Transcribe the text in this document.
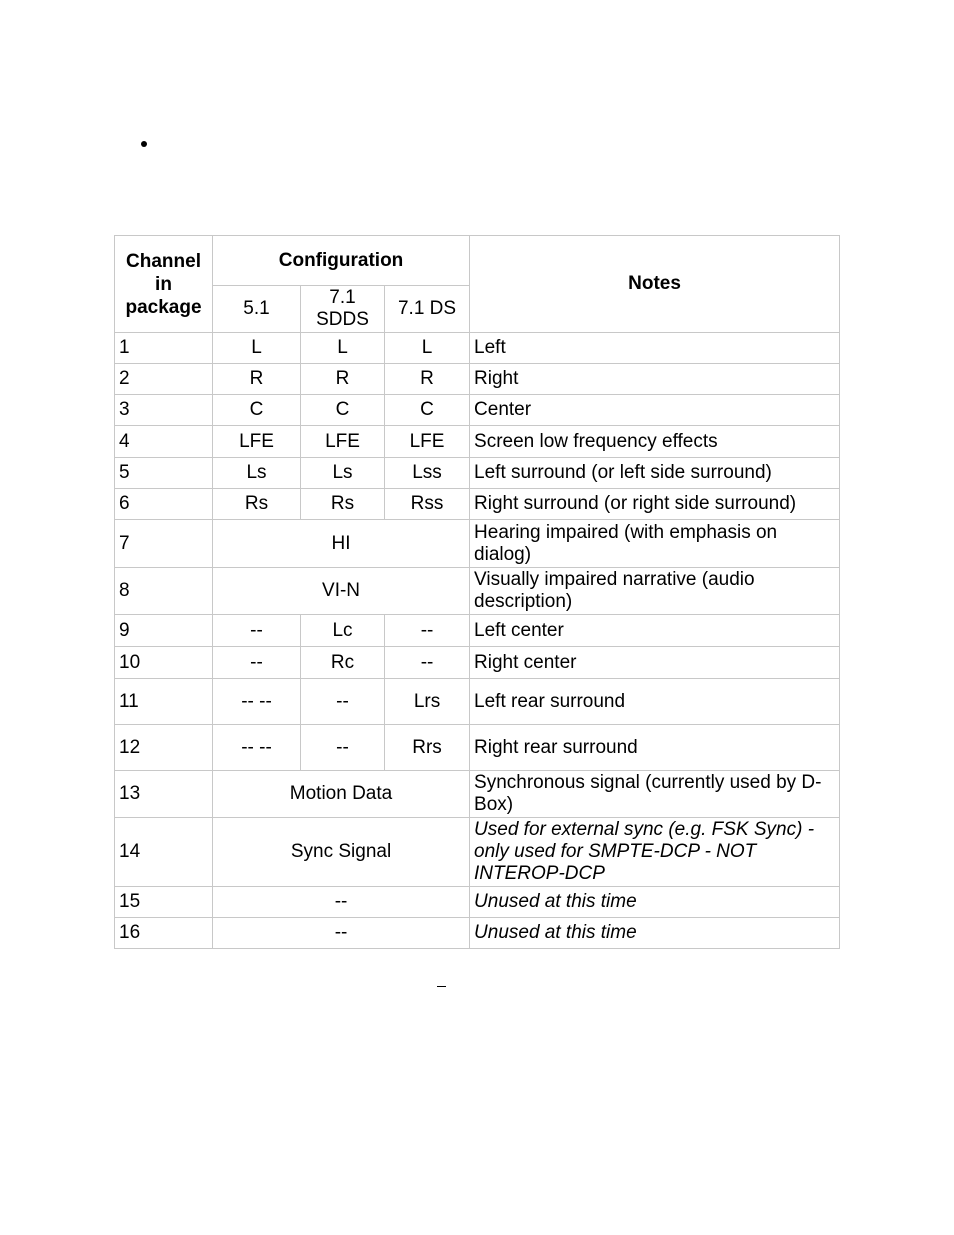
Channel in package	Configuration			Notes
	5.1	7.1 SDDS	7.1 DS	
1	L	L	L	Left
2	R	R	R	Right
3	C	C	C	Center
4	LFE	LFE	LFE	Screen low frequency effects
5	Ls	Ls	Lss	Left surround (or left side surround)
6	Rs	Rs	Rss	Right surround (or right side surround)
7	HI			Hearing impaired (with emphasis on dialog)
8	VI-N			Visually impaired narrative (audio description)
9	--	Lc	--	Left center
10	--	Rc	--	Right center
11	-- --	--	Lrs	Left rear surround
12	-- --	--	Rrs	Right rear surround
13	Motion Data			Synchronous signal (currently used by D-Box)
14	Sync Signal			Used for external sync (e.g. FSK Sync) - only used for SMPTE-DCP - NOT INTEROP-DCP
15	--			Unused at this time
16	--			Unused at this time
